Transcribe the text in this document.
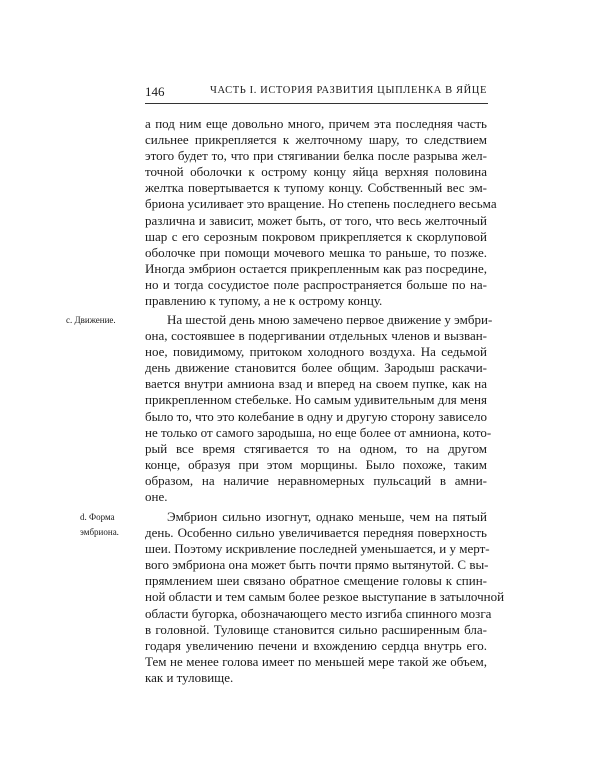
146	ЧАСТЬ I. ИСТОРИЯ РАЗВИТИЯ ЦЫПЛЕНКА В ЯЙЦЕ
а под ним еще довольно много, причем эта последняя часть
сильнее прикрепляется к желточному шару, то следствием
этого будет то, что при стягивании белка после разрыва жел-
точной оболочки к острому концу яйца верхняя половина
желтка повертывается к тупому концу. Собственный вес эм-
бриона усиливает это вращение. Но степень последнего весьма
различна и зависит, может быть, от того, что весь желточный
шар с его серозным покровом прикрепляется к скорлуповой
оболочке при помощи мочевого мешка то раньше, то позже.
Иногда эмбрион остается прикрепленным как раз посредине,
но и тогда сосудистое поле распространяется больше по на-
правлению к тупому, а не к острому концу.
На шестой день мною замечено первое движение у эмбри-
она, состоявшее в подергивании отдельных членов и вызван-
ное, повидимому, притоком холодного воздуха. На седьмой
день движение становится более общим. Зародыш раскачи-
вается внутри амниона взад и вперед на своем пупке, как на
прикрепленном стебельке. Но самым удивительным для меня
было то, что это колебание в одну и другую сторону зависело
не только от самого зародыша, но еще более от амниона, кото-
рый все время стягивается то на одном, то на другом
конце, образуя при этом морщины. Было похоже, таким
образом, на наличие неравномерных пульсаций в амни-
оне.
Эмбрион сильно изогнут, однако меньше, чем на пятый
день. Особенно сильно увеличивается передняя поверхность
шеи. Поэтому искривление последней уменьшается, и у мерт-
вого эмбриона она может быть почти прямо вытянутой. С вы-
прямлением шеи связано обратное смещение головы к спин-
ной области и тем самым более резкое выступание в затылочной
области бугорка, обозначающего место изгиба спинного мозга
в головной. Туловище становится сильно расширенным бла-
годаря увеличению печени и вхождению сердца внутрь его.
Тем не менее голова имеет по меньшей мере такой же объем,
как и туловище.
c. Движение.
d. Форма
эмбриона.
